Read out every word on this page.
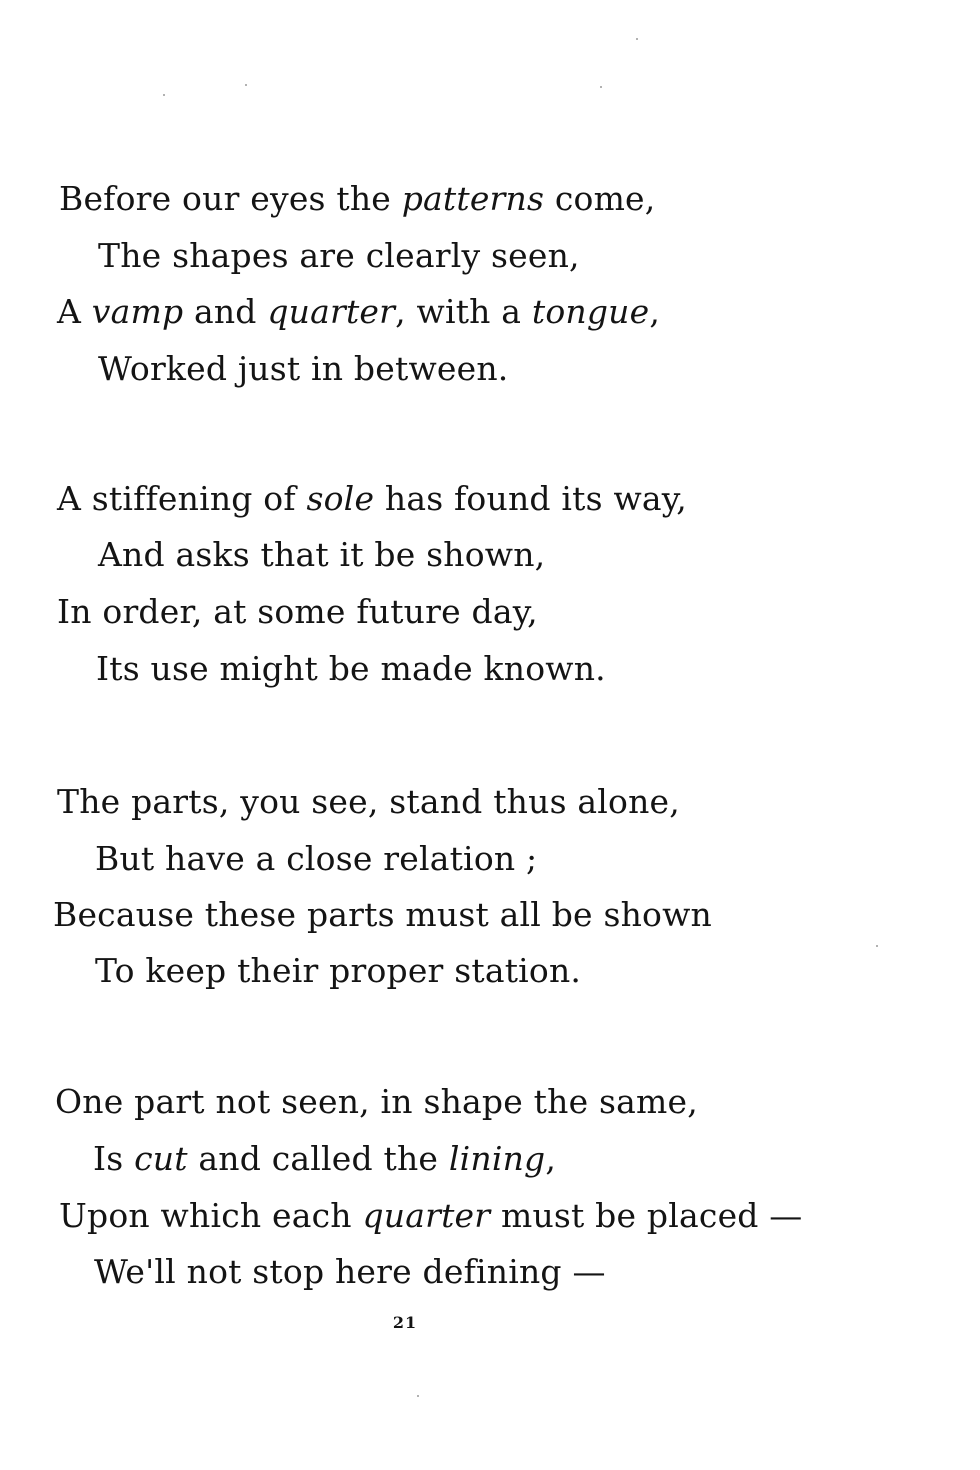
Before our eyes the patterns come,
The shapes are clearly seen,
A vamp and quarter, with a tongue,
Worked just in between.
A stiffening of sole has found its way,
And asks that it be shown,
In order, at some future day,
Its use might be made known.
The parts, you see, stand thus alone,
But have a close relation ;
Because these parts must all be shown
To keep their proper station.
One part not seen, in shape the same,
Is cut and called the lining,
Upon which each quarter must be placed —
We'll not stop here defining —
21
